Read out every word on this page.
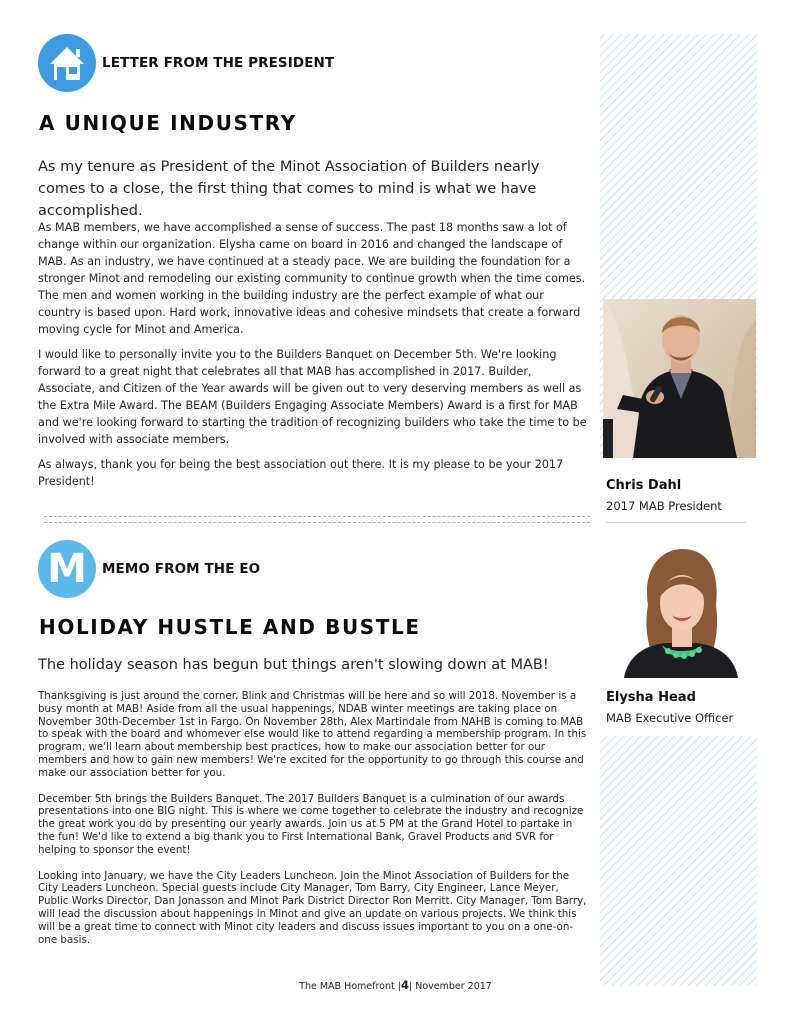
LETTER FROM THE PRESIDENT
A UNIQUE INDUSTRY
As my tenure as President of the Minot Association of Builders nearly comes to a close, the first thing that comes to mind is what we have accomplished.

As MAB members, we have accomplished a sense of success. The past 18 months saw a lot of change within our organization. Elysha came on board in 2016 and changed the landscape of MAB. As an industry, we have continued at a steady pace. We are building the foundation for a stronger Minot and remodeling our existing community to continue growth when the time comes. The men and women working in the building industry are the perfect example of what our country is based upon. Hard work, innovative ideas and cohesive mindsets that create a forward moving cycle for Minot and America.

I would like to personally invite you to the Builders Banquet on December 5th. We're looking forward to a great night that celebrates all that MAB has accomplished in 2017. Builder, Associate, and Citizen of the Year awards will be given out to very deserving members as well as the Extra Mile Award. The BEAM (Builders Engaging Associate Members) Award is a first for MAB and we're looking forward to starting the tradition of recognizing builders who take the time to be involved with associate members.

As always, thank you for being the best association out there. It is my please to be your 2017 President!

M	MEMO FROM THE EO
HOLIDAY HUSTLE AND BUSTLE
The holiday season has begun but things aren't slowing down at MAB!

Thanksgiving is just around the corner. Blink and Christmas will be here and so will 2018. November is a busy month at MAB! Aside from all the usual happenings, NDAB winter meetings are taking place on November 30th-December 1st in Fargo. On November 28th, Alex Martindale from NAHB is coming to MAB to speak with the board and whomever else would like to attend regarding a membership program. In this program, we'll learn about membership best practices, how to make our association better for our members and how to gain new members! We're excited for the opportunity to go through this course and make our association better for you.

December 5th brings the Builders Banquet. The 2017 Builders Banquet is a culmination of our awards presentations into one BIG night. This is where we come together to celebrate the industry and recognize the great work you do by presenting our yearly awards. Join us at 5 PM at the Grand Hotel to partake in the fun! We'd like to extend a big thank you to First International Bank, Gravel Products and SVR for helping to sponsor the event!

Looking into January, we have the City Leaders Luncheon. Join the Minot Association of Builders for the City Leaders Luncheon. Special guests include City Manager, Tom Barry, City Engineer, Lance Meyer, Public Works Director, Dan Jonasson and Minot Park District Director Ron Merritt. City Manager, Tom Barry, will lead the discussion about happenings in Minot and give an update on various projects. We think this will be a great time to connect with Minot city leaders and discuss issues important to you on a one-on-one basis.

Chris Dahl
2017 MAB President
Elysha Head
MAB Executive Officer
The MAB Homefront |4| November 2017
